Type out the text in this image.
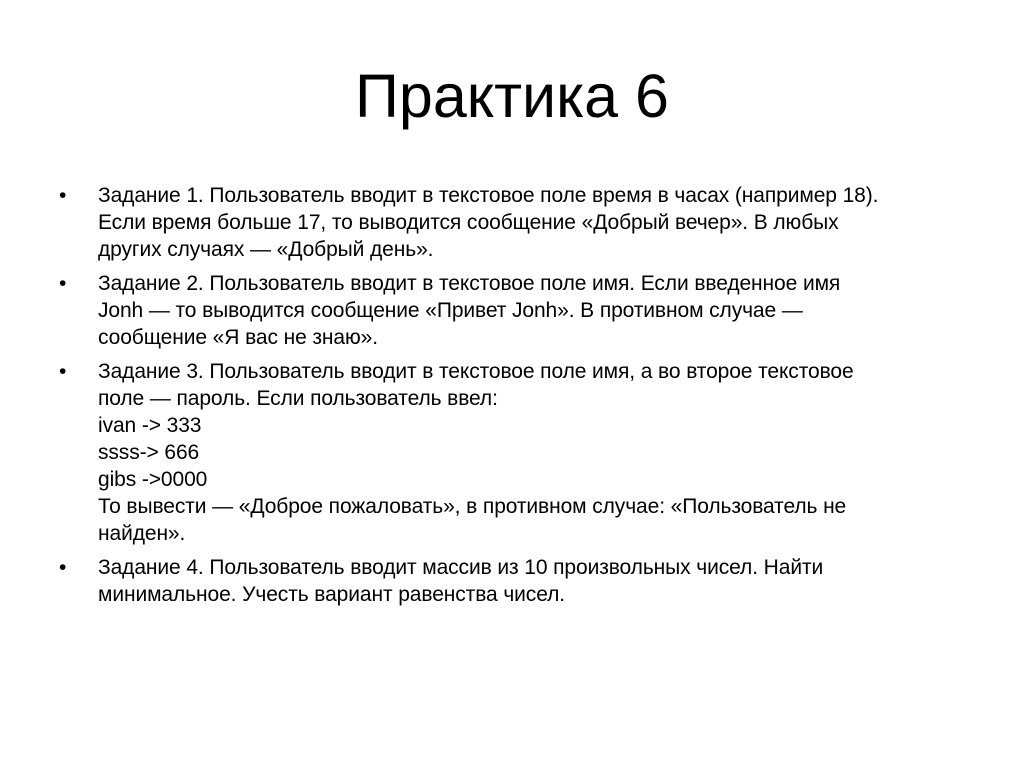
Практика 6
•	Задание 1. Пользователь вводит в текстовое поле время в часах (например 18).
Если время больше 17, то выводится сообщение «Добрый вечер». В любых
других случаях — «Добрый день».
•	Задание 2. Пользователь вводит в текстовое поле имя. Если введенное имя
Jonh — то выводится сообщение «Привет Jonh». В противном случае —
сообщение «Я вас не знаю».
•	Задание 3. Пользователь вводит в текстовое поле имя, а во второе текстовое
поле — пароль. Если пользователь ввел:
ivan -> 333
ssss-> 666
gibs ->0000
То вывести — «Доброе пожаловать», в противном случае: «Пользователь не
найден».
•	Задание 4. Пользователь вводит массив из 10 произвольных чисел. Найти
минимальное. Учесть вариант равенства чисел.
